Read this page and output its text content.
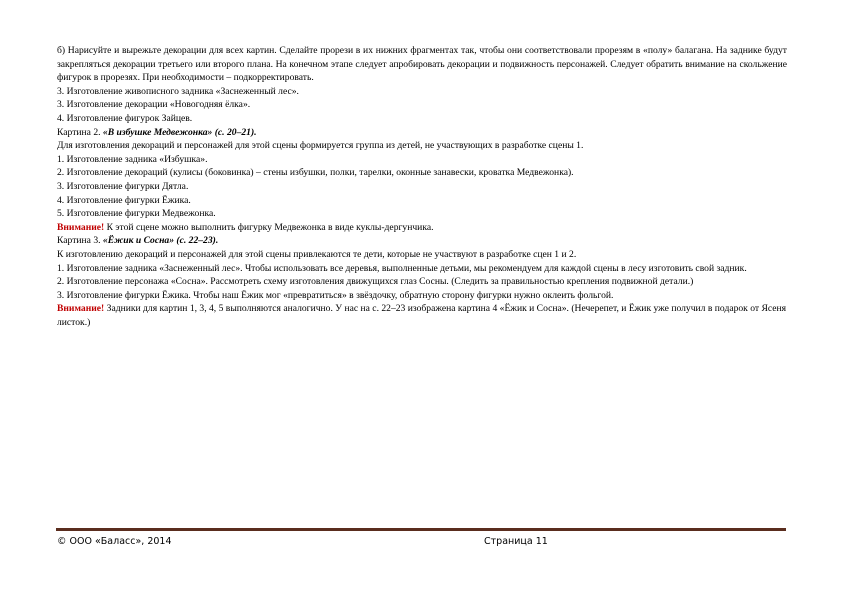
б) Нарисуйте и вырежьте декорации для всех картин. Сделайте прорези в их нижних фрагментах так, чтобы они соответствовали прорезям в «полу» балагана. На заднике будут закрепляться декорации третьего или второго плана. На конечном этапе следует апробировать декорации и подвижность персонажей. Следует обратить внимание на скольжение фигурок в прорезях. При необходимости – подкорректировать.

3. Изготовление живописного задника «Заснеженный лес».

3. Изготовление декорации «Новогодняя ёлка».

4. Изготовление фигурок Зайцев.

Картина 2. «В избушке Медвежонка» (с. 20–21).

Для изготовления декораций и персонажей для этой сцены формируется группа из детей, не участвующих в разработке сцены 1.

1. Изготовление задника «Избушка».

2. Изготовление декораций (кулисы (боковинка) – стены избушки, полки, тарелки, оконные занавески, кроватка Медвежонка).

3. Изготовление фигурки Дятла.

4. Изготовление фигурки Ёжика.

5. Изготовление фигурки Медвежонка.

Внимание! К этой сцене можно выполнить фигурку Медвежонка в виде куклы-дергунчика.

Картина 3. «Ёжик и Сосна» (с. 22–23).

К изготовлению декораций и персонажей для этой сцены привлекаются те дети, которые не участвуют в разработке сцен 1 и 2.

1. Изготовление задника «Заснеженный лес». Чтобы использовать все деревья, выполненные детьми, мы рекомендуем для каждой сцены в лесу изготовить свой задник.

2. Изготовление персонажа «Сосна». Рассмотреть схему изготовления движущихся глаз Сосны. (Следить за правильностью крепления подвижной детали.)

3. Изготовление фигурки Ёжика. Чтобы наш Ёжик мог «превратиться» в звёздочку, обратную сторону фигурки нужно оклеить фольгой.

Внимание! Задники для картин 1, 3, 4, 5 выполняются аналогично. У нас на с. 22–23 изображена картина 4 «Ёжик и Сосна». (Нечерепет, и Ёжик уже получил в подарок от Ясеня листок.)

© ООО «Баласс», 2014	Страница 11
